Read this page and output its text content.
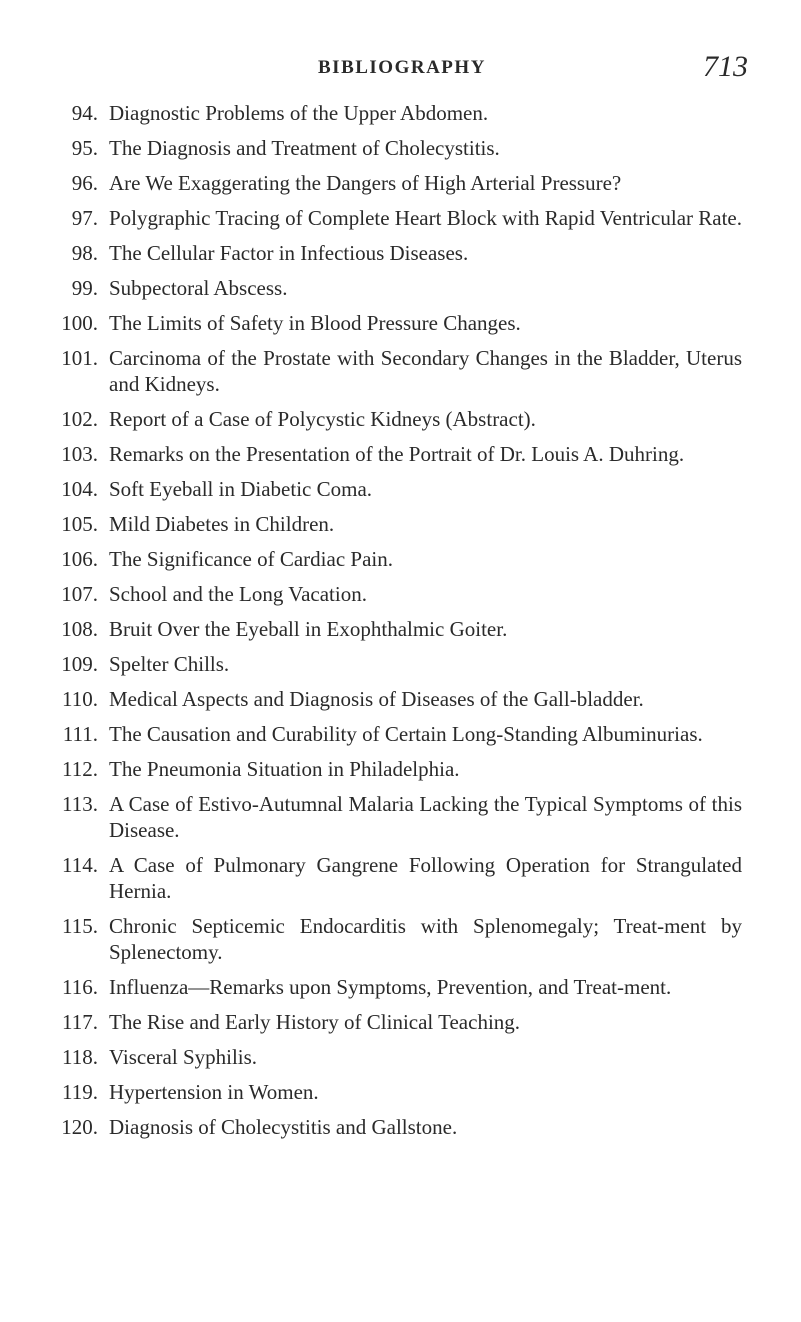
BIBLIOGRAPHY	713
94. Diagnostic Problems of the Upper Abdomen.
95. The Diagnosis and Treatment of Cholecystitis.
96. Are We Exaggerating the Dangers of High Arterial Pressure?
97. Polygraphic Tracing of Complete Heart Block with Rapid Ventricular Rate.
98. The Cellular Factor in Infectious Diseases.
99. Subpectoral Abscess.
100. The Limits of Safety in Blood Pressure Changes.
101. Carcinoma of the Prostate with Secondary Changes in the Bladder, Uterus and Kidneys.
102. Report of a Case of Polycystic Kidneys (Abstract).
103. Remarks on the Presentation of the Portrait of Dr. Louis A. Duhring.
104. Soft Eyeball in Diabetic Coma.
105. Mild Diabetes in Children.
106. The Significance of Cardiac Pain.
107. School and the Long Vacation.
108. Bruit Over the Eyeball in Exophthalmic Goiter.
109. Spelter Chills.
110. Medical Aspects and Diagnosis of Diseases of the Gall-bladder.
111. The Causation and Curability of Certain Long-Standing Albuminurias.
112. The Pneumonia Situation in Philadelphia.
113. A Case of Estivo-Autumnal Malaria Lacking the Typical Symptoms of this Disease.
114. A Case of Pulmonary Gangrene Following Operation for Strangulated Hernia.
115. Chronic Septicemic Endocarditis with Splenomegaly; Treat-ment by Splenectomy.
116. Influenza—Remarks upon Symptoms, Prevention, and Treat-ment.
117. The Rise and Early History of Clinical Teaching.
118. Visceral Syphilis.
119. Hypertension in Women.
120. Diagnosis of Cholecystitis and Gallstone.
